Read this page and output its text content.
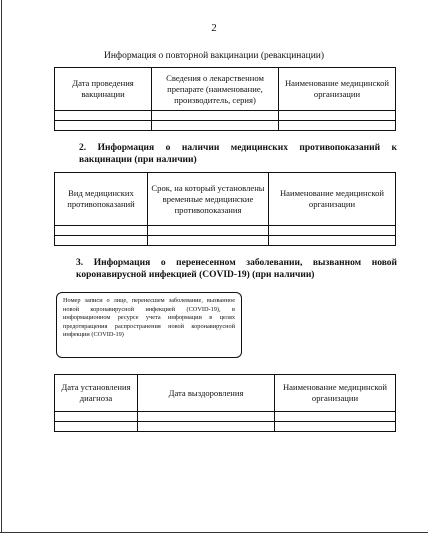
2
Информация о повторной вакцинации (ревакцинации)
Дата проведения вакцинации	Сведения о лекарственном препарате (наименование, производитель, серия)	Наименование медицинской организации

2. Информация о наличии медицинских противопоказаний к вакцинации (при наличии)
Вид медицинских противопоказаний	Срок, на который установлены временные медицинские противопоказания	Наименование медицинской организации

3. Информация о перенесенном заболевании, вызванном новой коронавирусной инфекцией (COVID-19) (при наличии)
Номер записи о лице, перенесшем заболевание, вызванное новой коронавирусной инфекцией (COVID-19), в информационном ресурсе учета информации в целях предотвращения распространения новой коронавирусной инфекции (COVID-19)
Дата установления диагноза	Дата выздоровления	Наименование медицинской организации
